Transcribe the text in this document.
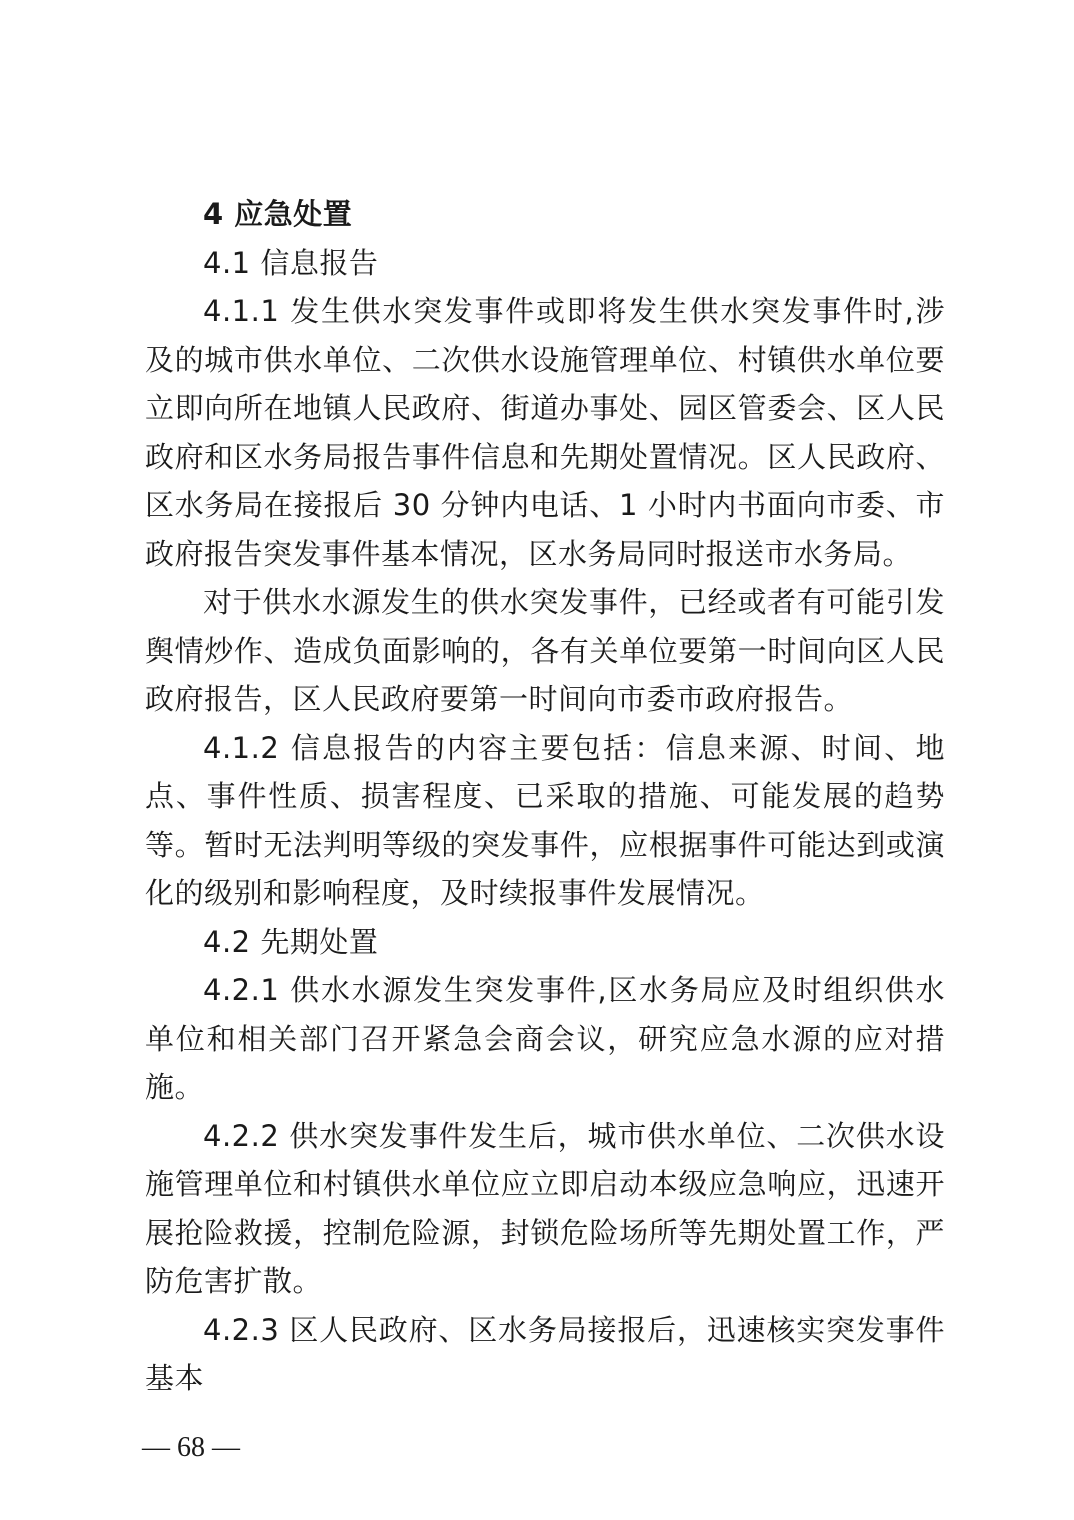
4 应急处置

4.1 信息报告

4.1.1 发生供水突发事件或即将发生供水突发事件时,涉及的城市供水单位、二次供水设施管理单位、村镇供水单位要立即向所在地镇人民政府、街道办事处、园区管委会、区人民政府和区水务局报告事件信息和先期处置情况。区人民政府、区水务局在接报后 30 分钟内电话、1 小时内书面向市委、市政府报告突发事件基本情况，区水务局同时报送市水务局。

对于供水水源发生的供水突发事件，已经或者有可能引发舆情炒作、造成负面影响的，各有关单位要第一时间向区人民政府报告，区人民政府要第一时间向市委市政府报告。

4.1.2 信息报告的内容主要包括：信息来源、时间、地点、事件性质、损害程度、已采取的措施、可能发展的趋势等。暂时无法判明等级的突发事件，应根据事件可能达到或演化的级别和影响程度，及时续报事件发展情况。

4.2 先期处置

4.2.1 供水水源发生突发事件,区水务局应及时组织供水单位和相关部门召开紧急会商会议，研究应急水源的应对措施。

4.2.2 供水突发事件发生后，城市供水单位、二次供水设施管理单位和村镇供水单位应立即启动本级应急响应，迅速开展抢险救援，控制危险源，封锁危险场所等先期处置工作，严防危害扩散。

4.2.3 区人民政府、区水务局接报后，迅速核实突发事件基本

— 68 —
